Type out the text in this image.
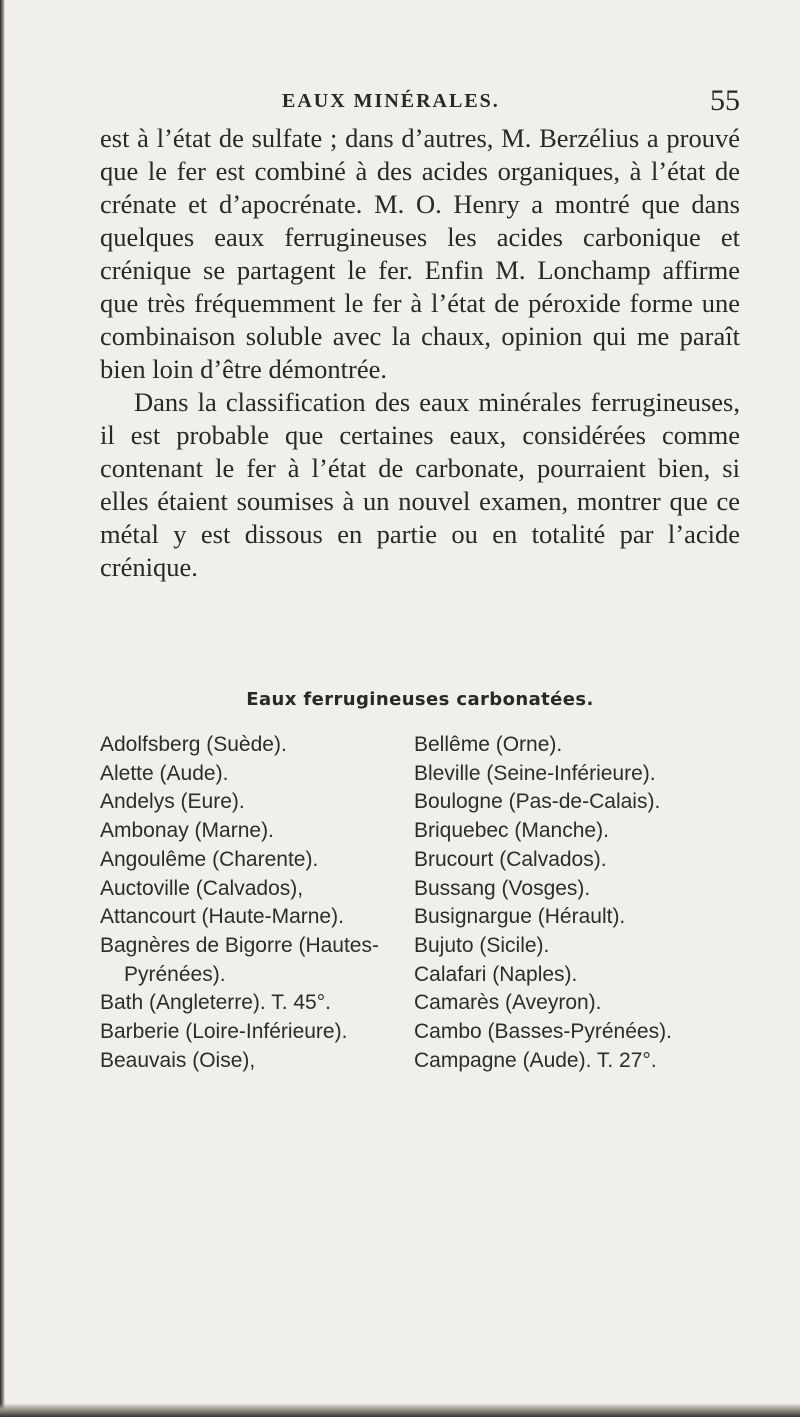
EAUX MINÉRALES.	55

est à l’état de sulfate ; dans d’autres, M. Berzélius a prouvé que le fer est combiné à des acides organiques, à l’état de crénate et d’apocrénate. M. O. Henry a montré que dans quelques eaux ferrugineuses les acides carbonique et crénique se partagent le fer. Enfin M. Lonchamp affirme que très fréquemment le fer à l’état de péroxide forme une combinaison soluble avec la chaux, opinion qui me paraît bien loin d’être démontrée.

Dans la classification des eaux minérales ferrugineuses, il est probable que certaines eaux, considérées comme contenant le fer à l’état de carbonate, pourraient bien, si elles étaient soumises à un nouvel examen, montrer que ce métal y est dissous en partie ou en totalité par l’acide crénique.

Eaux ferrugineuses carbonatées.
Adolfsberg (Suède).
Alette (Aude).
Andelys (Eure).
Ambonay (Marne).
Angoulême (Charente).
Auctoville (Calvados),
Attancourt (Haute-Marne).
Bagnères de Bigorre (Hautes-
Pyrénées).
Bath (Angleterre). T. 45°.
Barberie (Loire-Inférieure).
Beauvais (Oise),
Bellême (Orne).
Bleville (Seine-Inférieure).
Boulogne (Pas-de-Calais).
Briquebec (Manche).
Brucourt (Calvados).
Bussang (Vosges).
Busignargue (Hérault).
Bujuto (Sicile).
Calafari (Naples).
Camarès (Aveyron).
Cambo (Basses-Pyrénées).
Campagne (Aude). T. 27°.
